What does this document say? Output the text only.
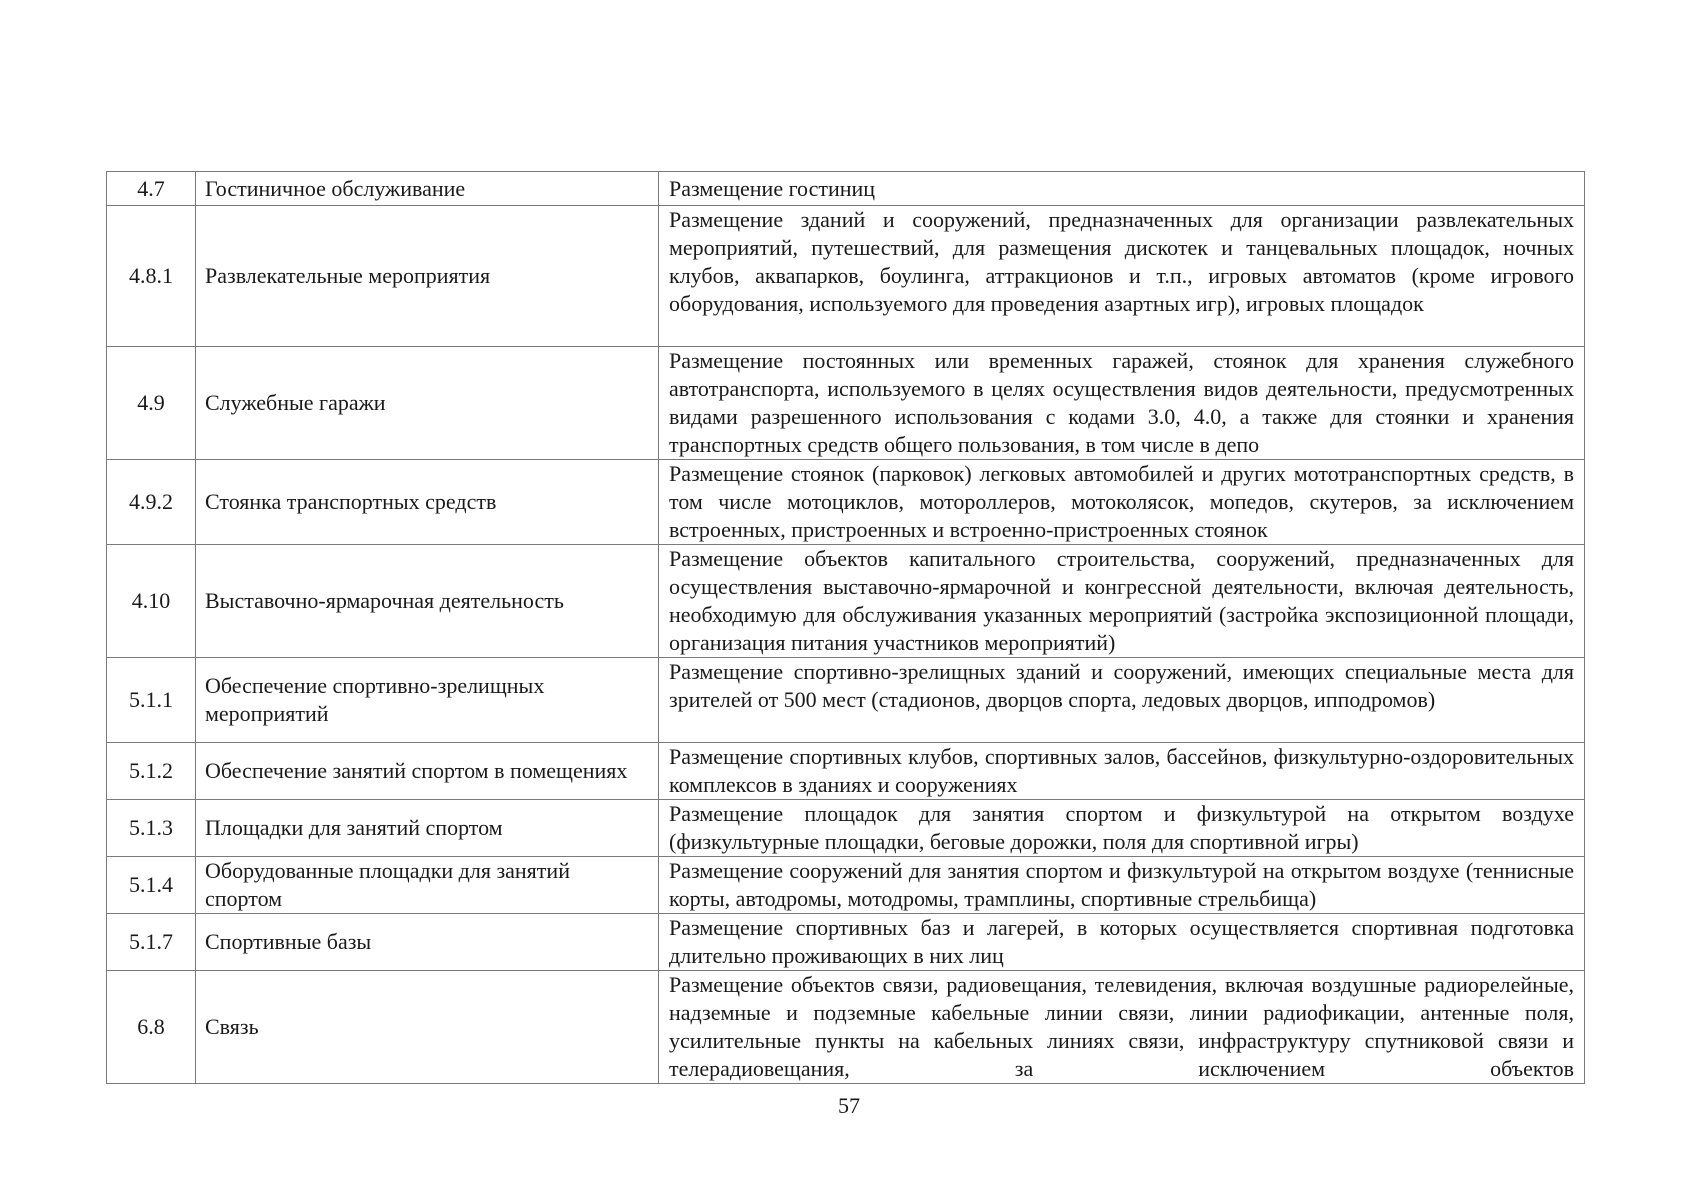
4.7	Гостиничное обслуживание	Размещение гостиниц
4.8.1	Развлекательные мероприятия	Размещение зданий и сооружений, предназначенных для организации развлекательных мероприятий, путешествий, для размещения дискотек и танцевальных площадок, ночных клубов, аквапарков, боулинга, аттракционов и т.п., игровых автоматов (кроме игрового оборудования, используемого для проведения азартных игр), игровых площадок
4.9	Служебные гаражи	Размещение постоянных или временных гаражей, стоянок для хранения служебного автотранспорта, используемого в целях осуществления видов деятельности, предусмотренных видами разрешенного использования с кодами 3.0, 4.0, а также для стоянки и хранения транспортных средств общего пользования, в том числе в депо
4.9.2	Стоянка транспортных средств	Размещение стоянок (парковок) легковых автомобилей и других мототранспортных средств, в том числе мотоциклов, мотороллеров, мотоколясок, мопедов, скутеров, за исключением встроенных, пристроенных и встроенно-пристроенных стоянок
4.10	Выставочно-ярмарочная деятельность	Размещение объектов капитального строительства, сооружений, предназначенных для осуществления выставочно-ярмарочной и конгрессной деятельности, включая деятельность, необходимую для обслуживания указанных мероприятий (застройка экспозиционной площади, организация питания участников мероприятий)
5.1.1	Обеспечение спортивно-зрелищных мероприятий	Размещение спортивно-зрелищных зданий и сооружений, имеющих специальные места для зрителей от 500 мест (стадионов, дворцов спорта, ледовых дворцов, ипподромов)
5.1.2	Обеспечение занятий спортом в помещениях	Размещение спортивных клубов, спортивных залов, бассейнов, физкультурно-оздоровительных комплексов в зданиях и сооружениях
5.1.3	Площадки для занятий спортом	Размещение площадок для занятия спортом и физкультурой на открытом воздухе (физкультурные площадки, беговые дорожки, поля для спортивной игры)
5.1.4	Оборудованные площадки для занятий спортом	Размещение сооружений для занятия спортом и физкультурой на открытом воздухе (теннисные корты, автодромы, мотодромы, трамплины, спортивные стрельбища)
5.1.7	Спортивные базы	Размещение спортивных баз и лагерей, в которых осуществляется спортивная подготовка длительно проживающих в них лиц
6.8	Связь	Размещение объектов связи, радиовещания, телевидения, включая воздушные радиорелейные, надземные и подземные кабельные линии связи, линии радиофикации, антенные поля, усилительные пункты на кабельных линиях связи, инфраструктуру спутниковой связи и телерадиовещания, за исключением объектов
57
